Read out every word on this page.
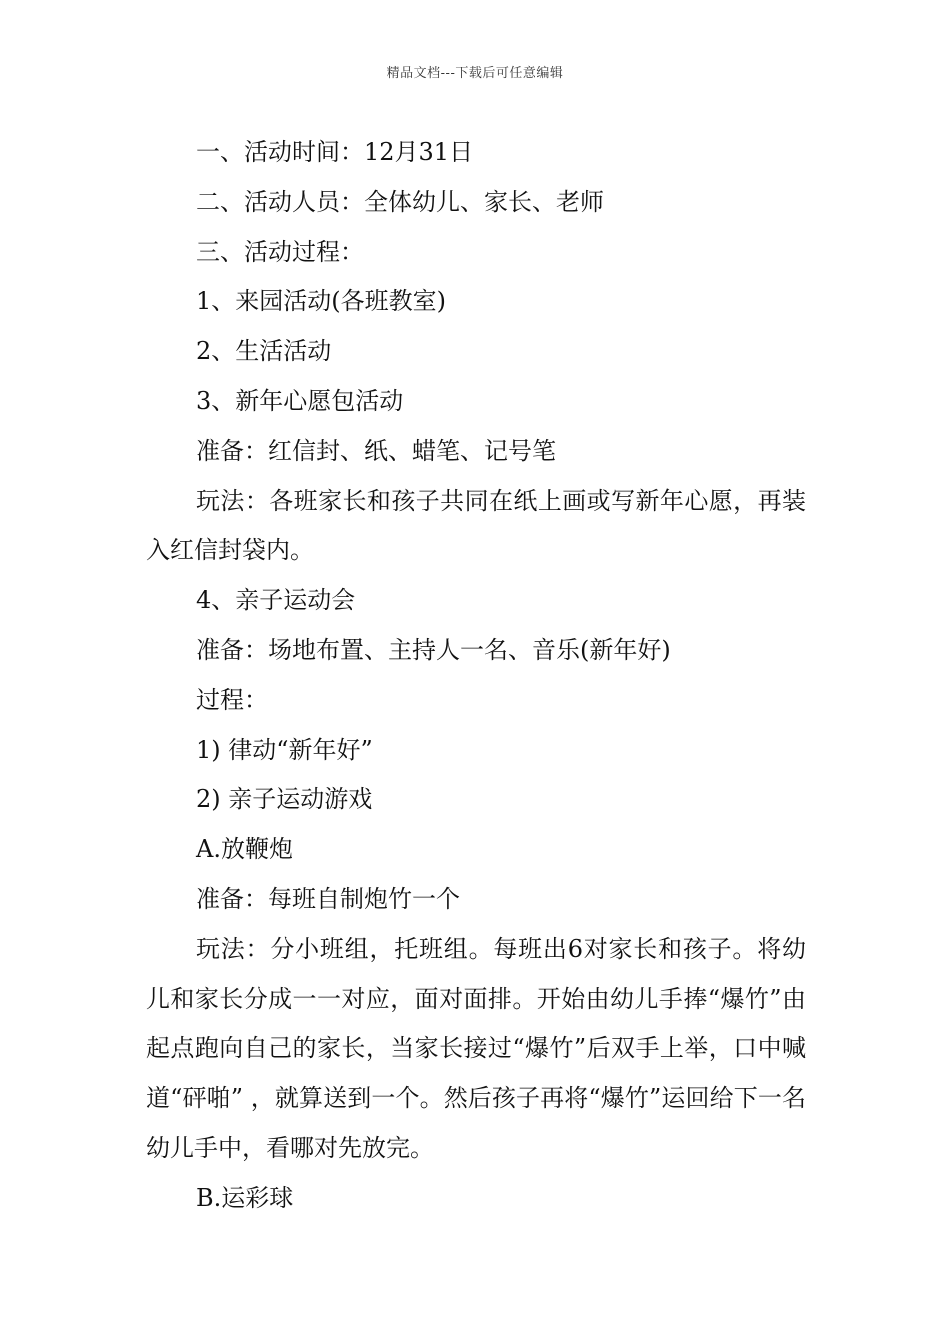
精品文档---下载后可任意编辑

一、活动时间：12月31日

二、活动人员：全体幼儿、家长、老师

三、活动过程：

1、来园活动(各班教室)

2、生活活动

3、新年心愿包活动

准备：红信封、纸、蜡笔、记号笔

玩法：各班家长和孩子共同在纸上画或写新年心愿，再装入红信封袋内。

4、亲子运动会

准备：场地布置、主持人一名、音乐(新年好)

过程：

1) 律动“新年好”

2) 亲子运动游戏

A.放鞭炮

准备：每班自制炮竹一个

玩法：分小班组，托班组。每班出6对家长和孩子。将幼儿和家长分成一一对应，面对面排。开始由幼儿手捧“爆竹”由起点跑向自己的家长，当家长接过“爆竹”后双手上举，口中喊道“砰啪” ，就算送到一个。然后孩子再将“爆竹”运回给下一名幼儿手中，看哪对先放完。

B.运彩球
